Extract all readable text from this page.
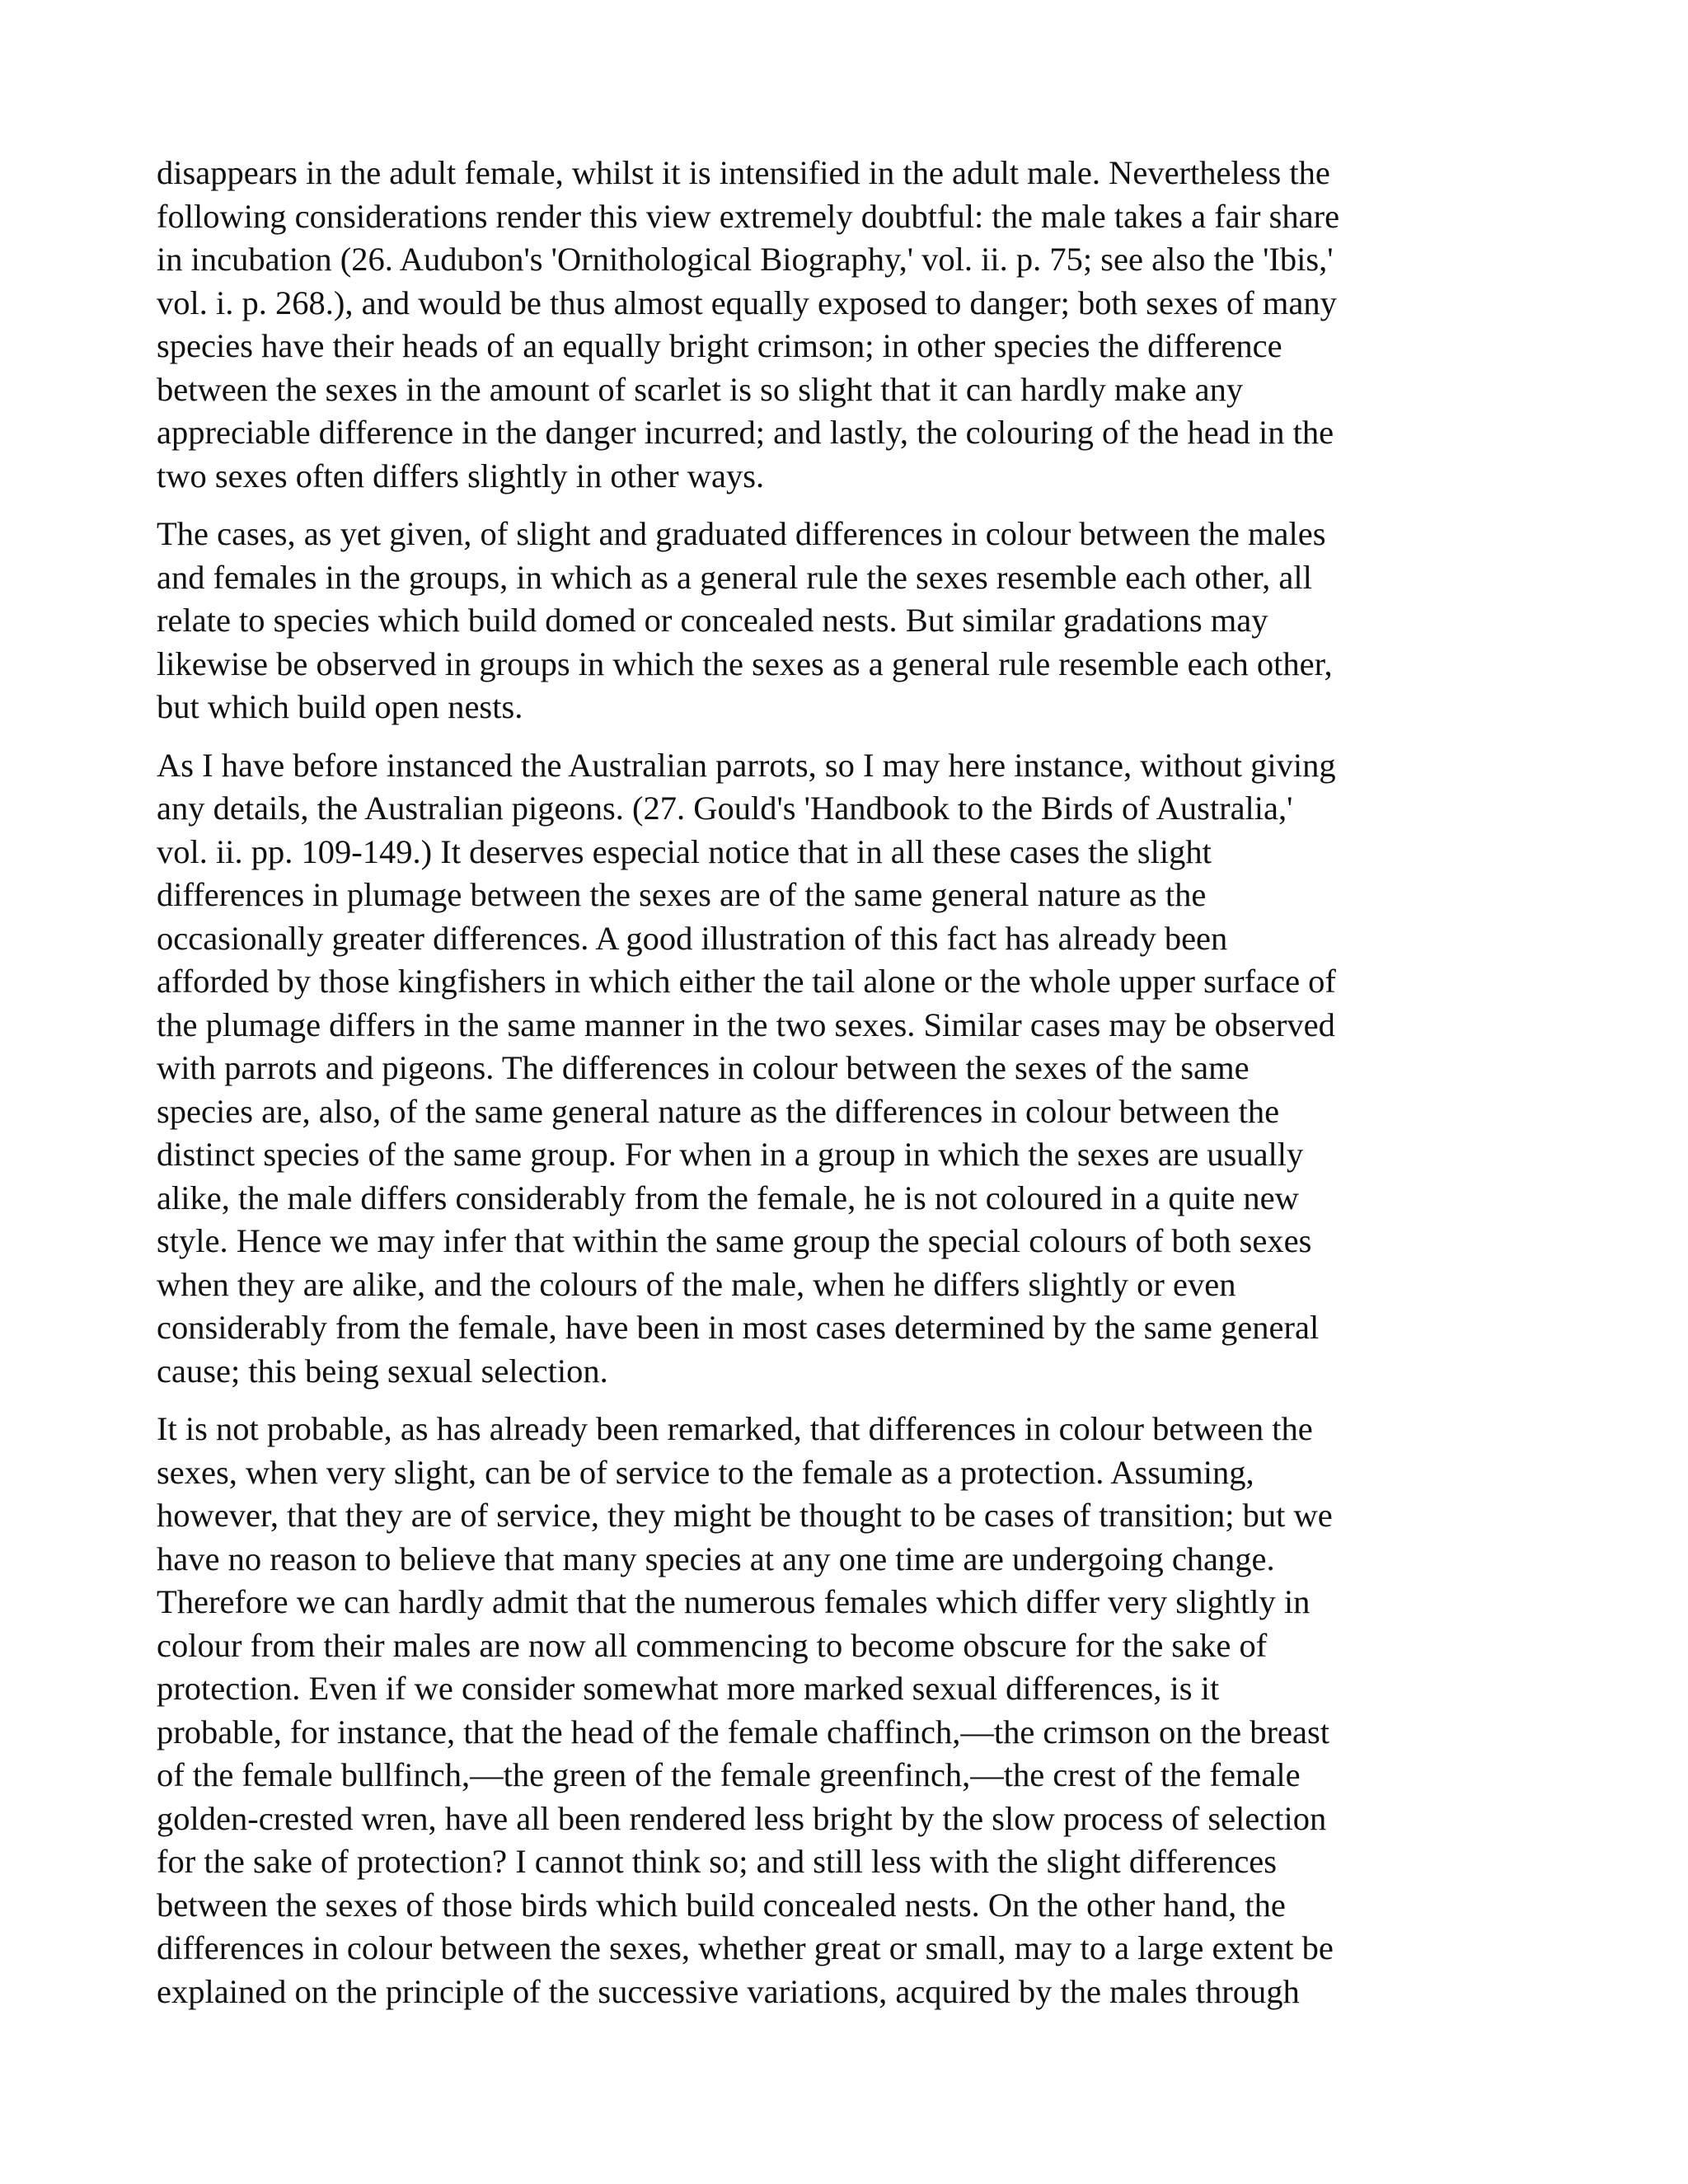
disappears in the adult female, whilst it is intensified in the adult male. Nevertheless the
following considerations render this view extremely doubtful: the male takes a fair share
in incubation (26. Audubon's 'Ornithological Biography,' vol. ii. p. 75; see also the 'Ibis,'
vol. i. p. 268.), and would be thus almost equally exposed to danger; both sexes of many
species have their heads of an equally bright crimson; in other species the difference
between the sexes in the amount of scarlet is so slight that it can hardly make any
appreciable difference in the danger incurred; and lastly, the colouring of the head in the
two sexes often differs slightly in other ways.
The cases, as yet given, of slight and graduated differences in colour between the males
and females in the groups, in which as a general rule the sexes resemble each other, all
relate to species which build domed or concealed nests. But similar gradations may
likewise be observed in groups in which the sexes as a general rule resemble each other,
but which build open nests.
As I have before instanced the Australian parrots, so I may here instance, without giving
any details, the Australian pigeons. (27. Gould's 'Handbook to the Birds of Australia,'
vol. ii. pp. 109-149.) It deserves especial notice that in all these cases the slight
differences in plumage between the sexes are of the same general nature as the
occasionally greater differences. A good illustration of this fact has already been
afforded by those kingfishers in which either the tail alone or the whole upper surface of
the plumage differs in the same manner in the two sexes. Similar cases may be observed
with parrots and pigeons. The differences in colour between the sexes of the same
species are, also, of the same general nature as the differences in colour between the
distinct species of the same group. For when in a group in which the sexes are usually
alike, the male differs considerably from the female, he is not coloured in a quite new
style. Hence we may infer that within the same group the special colours of both sexes
when they are alike, and the colours of the male, when he differs slightly or even
considerably from the female, have been in most cases determined by the same general
cause; this being sexual selection.
It is not probable, as has already been remarked, that differences in colour between the
sexes, when very slight, can be of service to the female as a protection. Assuming,
however, that they are of service, they might be thought to be cases of transition; but we
have no reason to believe that many species at any one time are undergoing change.
Therefore we can hardly admit that the numerous females which differ very slightly in
colour from their males are now all commencing to become obscure for the sake of
protection. Even if we consider somewhat more marked sexual differences, is it
probable, for instance, that the head of the female chaffinch,—the crimson on the breast
of the female bullfinch,—the green of the female greenfinch,—the crest of the female
golden-crested wren, have all been rendered less bright by the slow process of selection
for the sake of protection? I cannot think so; and still less with the slight differences
between the sexes of those birds which build concealed nests. On the other hand, the
differences in colour between the sexes, whether great or small, may to a large extent be
explained on the principle of the successive variations, acquired by the males through
